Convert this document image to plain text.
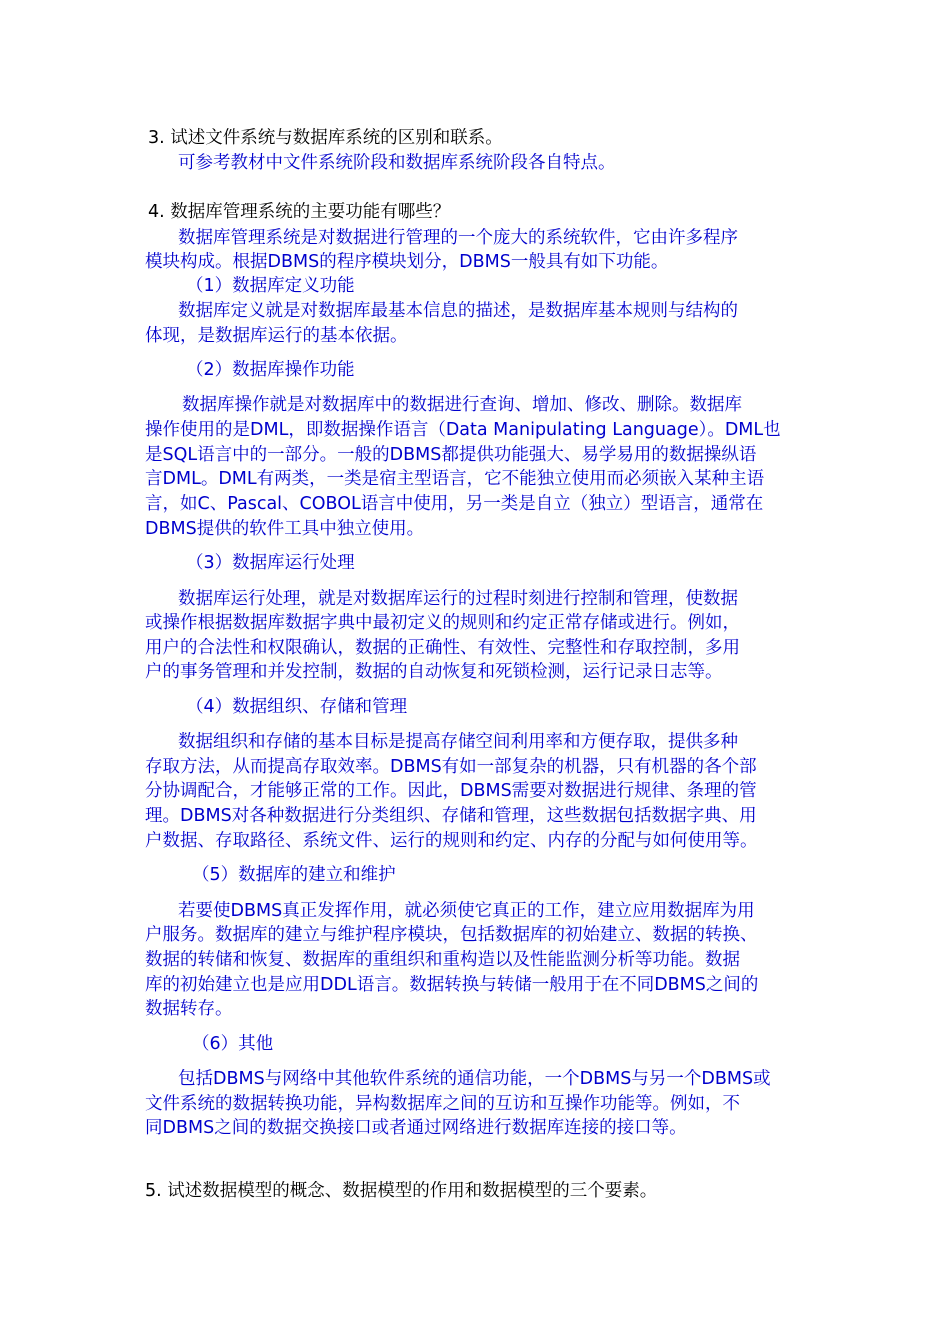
3. 试述文件系统与数据库系统的区别和联系。

可参考教材中文件系统阶段和数据库系统阶段各自特点。

4. 数据库管理系统的主要功能有哪些？

数据库管理系统是对数据进行管理的一个庞大的系统软件，它由许多程序

模块构成。根据DBMS的程序模块划分，DBMS一般具有如下功能。

（1）数据库定义功能

数据库定义就是对数据库最基本信息的描述，是数据库基本规则与结构的

体现，是数据库运行的基本依据。

（2）数据库操作功能

数据库操作就是对数据库中的数据进行查询、增加、修改、删除。数据库

操作使用的是DML，即数据操作语言（Data Manipulating Language）。DML也

是SQL语言中的一部分。一般的DBMS都提供功能强大、易学易用的数据操纵语

言DML。DML有两类，一类是宿主型语言，它不能独立使用而必须嵌入某种主语

言，如C、Pascal、COBOL语言中使用，另一类是自立（独立）型语言，通常在

DBMS提供的软件工具中独立使用。

（3）数据库运行处理

数据库运行处理，就是对数据库运行的过程时刻进行控制和管理，使数据

或操作根据数据库数据字典中最初定义的规则和约定正常存储或进行。例如，

用户的合法性和权限确认，数据的正确性、有效性、完整性和存取控制，多用

户的事务管理和并发控制，数据的自动恢复和死锁检测，运行记录日志等。

（4）数据组织、存储和管理

数据组织和存储的基本目标是提高存储空间利用率和方便存取，提供多种

存取方法，从而提高存取效率。DBMS有如一部复杂的机器，只有机器的各个部

分协调配合，才能够正常的工作。因此，DBMS需要对数据进行规律、条理的管

理。DBMS对各种数据进行分类组织、存储和管理，这些数据包括数据字典、用

户数据、存取路径、系统文件、运行的规则和约定、内存的分配与如何使用等。

（5）数据库的建立和维护

若要使DBMS真正发挥作用，就必须使它真正的工作，建立应用数据库为用

户服务。数据库的建立与维护程序模块，包括数据库的初始建立、数据的转换、

数据的转储和恢复、数据库的重组织和重构造以及性能监测分析等功能。数据

库的初始建立也是应用DDL语言。数据转换与转储一般用于在不同DBMS之间的

数据转存。

（6）其他

包括DBMS与网络中其他软件系统的通信功能，一个DBMS与另一个DBMS或

文件系统的数据转换功能，异构数据库之间的互访和互操作功能等。例如，不

同DBMS之间的数据交换接口或者通过网络进行数据库连接的接口等。

5. 试述数据模型的概念、数据模型的作用和数据模型的三个要素。
